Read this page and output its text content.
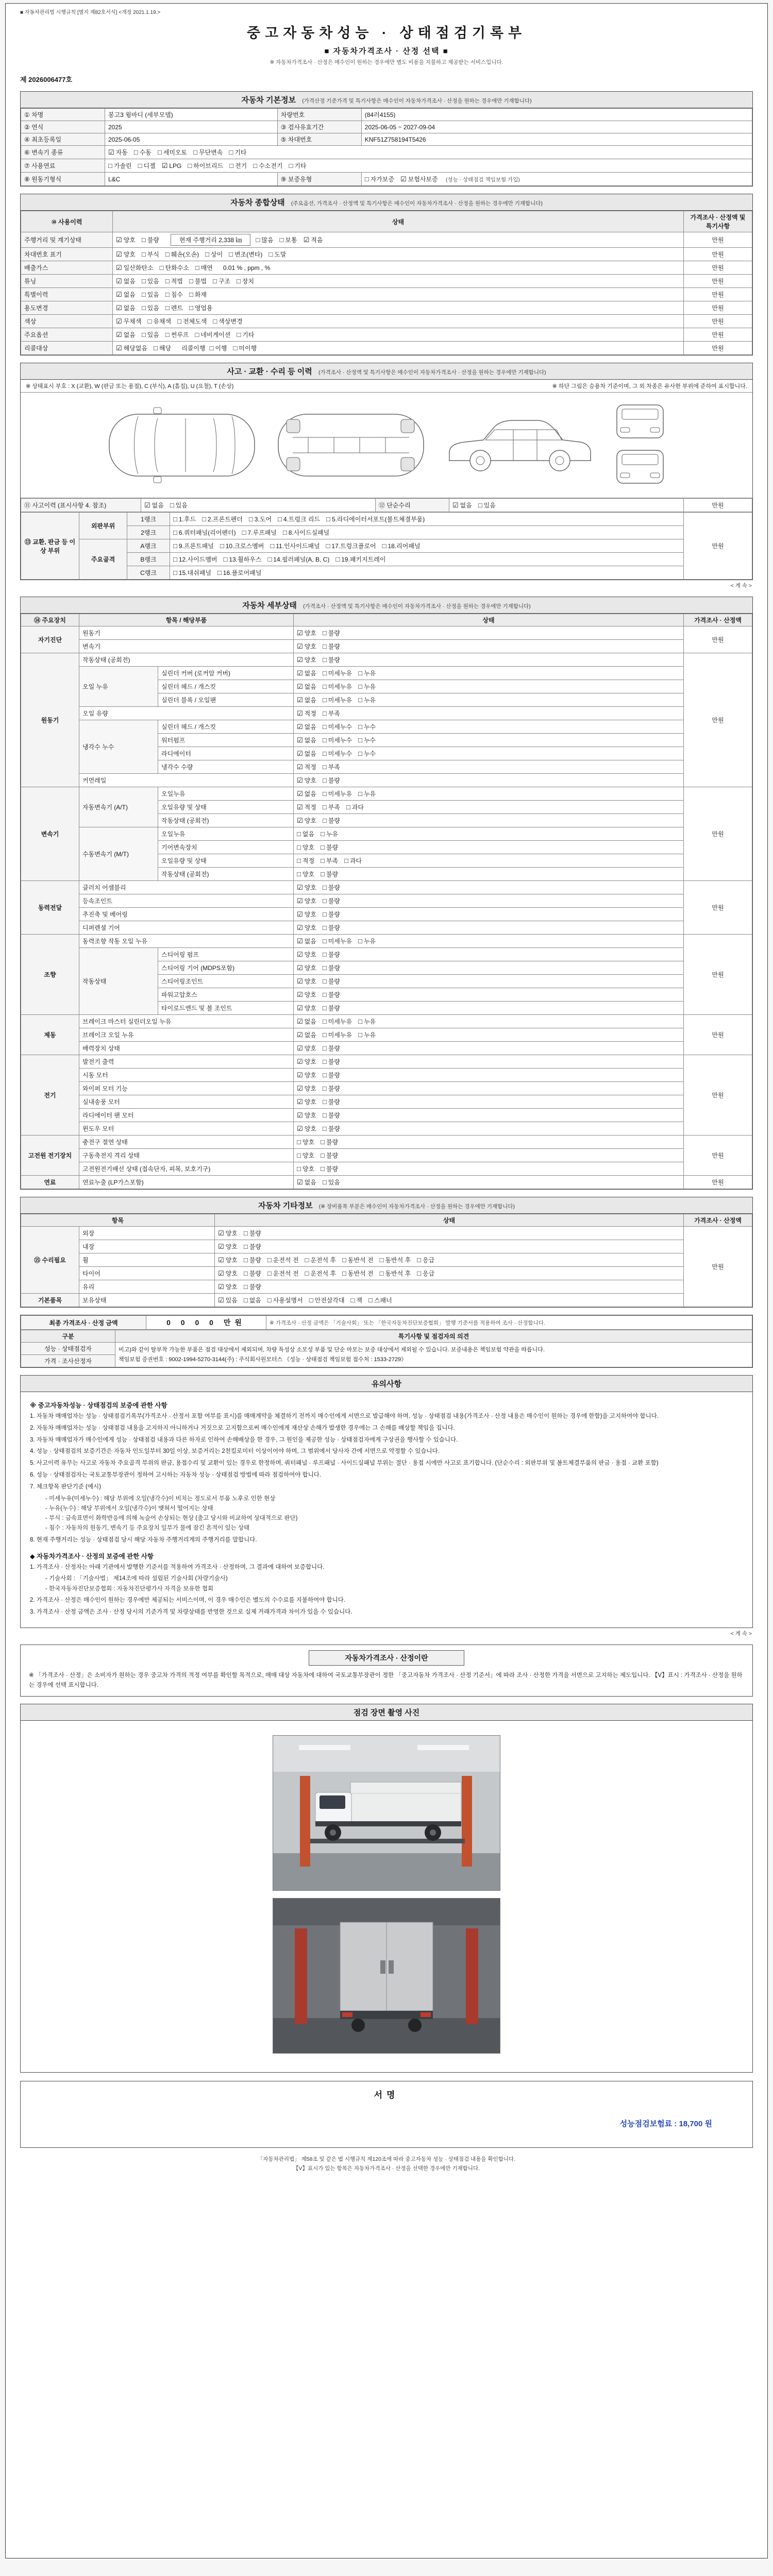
■ 자동차관리법 시행규칙 [별지 제82호서식] <개정 2021.1.19.>
중고자동차성능 · 상태점검기록부
■ 자동차가격조사 · 산정 선택 ■
※ 자동차가격조사 · 산정은 매수인이 원하는 경우에만 별도 비용을 지불하고 제공받는 서비스입니다.
제 2026006477호
자동차 기본정보 (가격산정 기준가격 및 특기사항은 매수인이 자동차가격조사 · 산정을 원하는 경우에만 기재합니다)
① 차명	봉고3 윙바디 (세부모델)	차량번호	(84러4155)
② 연식	2025	③ 검사유효기간	2025-06-05 ~ 2027-09-04
④ 최초등록일	2025-06-05	⑤ 차대번호	KNF51Z758194T5426
⑥ 변속기 종류	☑ 자동 □ 수동 □ 세미오토 □ 무단변속 □ 기타		
⑦ 사용연료	□ 가솔린 □ 디젤 ☑ LPG □ 하이브리드 □ 전기 □ 수소전기 □ 기타		
⑧ 원동기형식	L&C	⑨ 보증유형	□ 자가보증 ☑ 보험사보증 (성능 · 상태점검 책임보험 가입)
자동차 종합상태 (주요옵션, 가격조사 · 산정액 및 특기사항은 매수인이 자동차가격조사 · 산정을 원하는 경우에만 기재합니다)
⑩ 사용이력	상태	가격조사 · 산정액 및 특기사항
주행거리 및 계기상태	☑ 양호 □ 불량 현재 주행거리 2,338 ㎞ □ 많음 □ 보통 ☑ 적음	만원
차대번호 표기	☑ 양호 □ 부식 □ 훼손(오손) □ 상이 □ 변조(변타) □ 도말	만원
배출가스	☑ 일산화탄소 □ 탄화수소 □ 매연 0.01 % , ppm , %	만원
튜닝	☑ 없음 □ 있음 □ 적법 □ 불법 □ 구조 □ 장치	만원
특별이력	☑ 없음 □ 있음 □ 침수 □ 화재	만원
용도변경	☑ 없음 □ 있음 □ 렌트 □ 영업용	만원
색상	☑ 무채색 □ 유채색 □ 전체도색 □ 색상변경	만원
주요옵션	☑ 없음 □ 있음 □ 썬루프 □ 네비게이션 □ 기타	만원
리콜대상	☑ 해당없음 □ 해당 리콜이행 □ 이행 □ 미이행	만원
사고 · 교환 · 수리 등 이력 (가격조사 · 산정액 및 특기사항은 매수인이 자동차가격조사 · 산정을 원하는 경우에만 기재합니다)
※ 상태표시 부호 : X (교환), W (판금 또는 용접), C (부식), A (흠집), U (요철), T (손상)	※ 하단 그림은 승용차 기준이며, 그 외 차종은 유사한 부위에 준하여 표시합니다.
⑪ 사고이력 (표시사항 4. 참조)	☑ 없음 □ 있음	⑫ 단순수리	☑ 없음 □ 있음	만원
⑬ 교환, 판금 등 이상 부위	외판부위	1랭크	□ 1.후드 □ 2.프론트펜더 □ 3.도어 □ 4.트렁크 리드 □ 5.라디에이터서포트(볼트체결부품)	만원
		2랭크	□ 6.쿼터패널(리어펜더) □ 7.루프패널 □ 8.사이드실패널	
	주요골격	A랭크	□ 9.프론트패널 □ 10.크로스멤버 □ 11.인사이드패널 □ 17.트렁크플로어 □ 18.리어패널	
		B랭크	□ 12.사이드멤버 □ 13.휠하우스 □ 14.필러패널(A, B, C) □ 19.패키지트레이	
		C랭크	□ 15.대쉬패널 □ 16.플로어패널	
< 계 속 >
자동차 세부상태 (가격조사 · 산정액 및 특기사항은 매수인이 자동차가격조사 · 산정을 원하는 경우에만 기재합니다)
⑭ 주요장치	항목 / 해당부품		상태	가격조사 · 산정액
자기진단	원동기		☑ 양호 □ 불량	만원
	변속기		☑ 양호 □ 불량	
원동기	작동상태 (공회전)		☑ 양호 □ 불량	만원
	오일 누유	실린더 커버 (로커암 커버)	☑ 없음 □ 미세누유 □ 누유	
		실린더 헤드 / 개스킷	☑ 없음 □ 미세누유 □ 누유	
		실린더 블록 / 오일팬	☑ 없음 □ 미세누유 □ 누유	
	오일 유량		☑ 적정 □ 부족	
	냉각수 누수	실린더 헤드 / 개스킷	☑ 없음 □ 미세누수 □ 누수	
		워터펌프	☑ 없음 □ 미세누수 □ 누수	
		라디에이터	☑ 없음 □ 미세누수 □ 누수	
		냉각수 수량	☑ 적정 □ 부족	
	커먼레일		☑ 양호 □ 불량	
변속기	자동변속기 (A/T)	오일누유	☑ 없음 □ 미세누유 □ 누유	만원
		오일유량 및 상태	☑ 적정 □ 부족 □ 과다	
		작동상태 (공회전)	☑ 양호 □ 불량	
	수동변속기 (M/T)	오일누유	□ 없음 □ 누유	
		기어변속장치	□ 양호 □ 불량	
		오일유량 및 상태	□ 적정 □ 부족 □ 과다	
		작동상태 (공회전)	□ 양호 □ 불량	
동력전달	클러치 어셈블리		☑ 양호 □ 불량	만원
	등속조인트		☑ 양호 □ 불량	
	추진축 및 베어링		☑ 양호 □ 불량	
	디퍼렌셜 기어		☑ 양호 □ 불량	
조향	동력조향 작동 오일 누유		☑ 없음 □ 미세누유 □ 누유	만원
	작동상태	스티어링 펌프	☑ 양호 □ 불량	
		스티어링 기어 (MDPS포함)	☑ 양호 □ 불량	
		스티어링조인트	☑ 양호 □ 불량	
		파워고압호스	☑ 양호 □ 불량	
		타이로드엔드 및 볼 조인트	☑ 양호 □ 불량	
제동	브레이크 마스터 실린더오일 누유		☑ 없음 □ 미세누유 □ 누유	만원
	브레이크 오일 누유		☑ 없음 □ 미세누유 □ 누유	
	배력장치 상태		☑ 양호 □ 불량	
전기	발전기 출력		☑ 양호 □ 불량	만원
	시동 모터		☑ 양호 □ 불량	
	와이퍼 모터 기능		☑ 양호 □ 불량	
	실내송풍 모터		☑ 양호 □ 불량	
	라디에이터 팬 모터		☑ 양호 □ 불량	
	윈도우 모터		☑ 양호 □ 불량	
고전원 전기장치	충전구 절연 상태		□ 양호 □ 불량	만원
	구동축전지 격리 상태		□ 양호 □ 불량	
	고전원전기배선 상태 (접속단자, 피복, 보호기구)		□ 양호 □ 불량	
연료	연료누출 (LP가스포함)		☑ 없음 □ 있음	만원
자동차 기타정보 (※ 장비품목 부분은 매수인이 자동차가격조사 · 산정을 원하는 경우에만 기재합니다)
항목		상태	가격조사 · 산정액
⑮ 수리필요	외장	☑ 양호 □ 불량	만원
	내장	☑ 양호 □ 불량	
	휠	☑ 양호 □ 불량 □ 운전석 전 □ 운전석 후 □ 동반석 전 □ 동반석 후 □ 응급	
	타이어	☑ 양호 □ 불량 □ 운전석 전 □ 운전석 후 □ 동반석 전 □ 동반석 후 □ 응급	
	유리	☑ 양호 □ 불량	
기본품목	보유상태	☑ 있음 □ 없음 □ 사용설명서 □ 안전삼각대 □ 잭 □ 스패너	
최종 가격조사 · 산정 금액	0 0 0 0 만원	※ 가격조사 · 산정 금액은 「기술사회」 또는 「한국자동차진단보증협회」 발행 기준서를 적용하여 조사 · 산정합니다.
구분	특기사항 및 점검자의 의견
성능 · 상태점검자	비고)와 같이 탈부착 가능한 부품은 점검 대상에서 제외되며, 차량 특성상 소모성 부품 및 단순 마모는 보증 대상에서 제외될 수 있습니다. 보증내용은 책임보험 약관을 따릅니다.
책임보험 증권번호 : 9002-1994-5270-3144(주) : 주식회사원모터스 《성능 · 상태점검 책임보험 접수처 : 1533-2729》

가격 · 조사산정자	
유의사항
※ 중고자동차성능 · 상태점검의 보증에 관한 사항
1. 자동차 매매업자는 성능 · 상태점검기록부(가격조사 · 산정서 포함 여부를 표시)를 매매계약을 체결하기 전까지 매수인에게 서면으로 발급해야 하며, 성능 · 상태점검 내용(가격조사 · 산정 내용은 매수인이 원하는 경우에 한함)을 고지하여야 합니다.
2. 자동차 매매업자는 성능 · 상태점검 내용을 고지하지 아니하거나 거짓으로 고지함으로써 매수인에게 재산상 손해가 발생한 경우에는 그 손해를 배상할 책임을 집니다.
3. 자동차 매매업자가 매수인에게 성능 · 상태점검 내용과 다른 하자로 인하여 손해배상을 한 경우, 그 원인을 제공한 성능 · 상태점검자에게 구상권을 행사할 수 있습니다.
4. 성능 · 상태점검의 보증기간은 자동차 인도일부터 30일 이상, 보증거리는 2천킬로미터 이상이어야 하며, 그 범위에서 당사자 간에 서면으로 약정할 수 있습니다.
5. 사고이력 유무는 사고로 자동차 주요골격 부위의 판금, 용접수리 및 교환이 있는 경우로 한정하며, 쿼터패널 · 루프패널 · 사이드실패널 부위는 절단 · 용접 시에만 사고로 표기합니다. (단순수리 : 외판부위 및 볼트체결부품의 판금 · 용접 · 교환 포함)
6. 성능 · 상태점검자는 국토교통부장관이 정하여 고시하는 자동차 성능 · 상태점검 방법에 따라 점검하여야 합니다.
7. 체크항목 판단기준 (예시)
- 미세누유(미세누수) : 해당 부위에 오일(냉각수)이 비치는 정도로서 부품 노후로 인한 현상
- 누유(누수) : 해당 부위에서 오일(냉각수)이 맺혀서 떨어지는 상태
- 부식 : 금속표면이 화학반응에 의해 녹슬어 손상되는 현상 (출고 당시와 비교하여 상대적으로 판단)
- 침수 : 자동차의 원동기, 변속기 등 주요장치 일부가 물에 잠긴 흔적이 있는 상태
8. 현재 주행거리는 성능 · 상태점검 당시 해당 자동차 주행거리계의 주행거리를 말합니다.
◆ 자동차가격조사 · 산정의 보증에 관한 사항
1. 가격조사 · 산정자는 아래 기관에서 발행한 기준서를 적용하여 가격조사 · 산정하며, 그 결과에 대하여 보증합니다.
- 기술사회 : 「기술사법」 제14조에 따라 설립된 기술사회 (차량기술사)
- 한국자동차진단보증협회 : 자동차진단평가사 자격을 보유한 협회
2. 가격조사 · 산정은 매수인이 원하는 경우에만 제공되는 서비스이며, 이 경우 매수인은 별도의 수수료를 지불하여야 합니다.
3. 가격조사 · 산정 금액은 조사 · 산정 당시의 기준가격 및 차량상태를 반영한 것으로 실제 거래가격과 차이가 있을 수 있습니다.
< 계 속 >
자동차가격조사 · 산정이란
※ 「가격조사 · 산정」은 소비자가 원하는 경우 중고차 가격의 적정 여부를 확인할 목적으로, 매매 대상 자동차에 대하여 국토교통부장관이 정한 「중고자동차 가격조사 · 산정 기준서」에 따라 조사 · 산정한 가격을 서면으로 고지하는 제도입니다. 【V】표시 : 가격조사 · 산정을 원하는 경우에 선택 표시합니다.
점검 장면 촬영 사진
서명
성능점검보험료 : 18,700 원
「자동차관리법」 제58조 및 같은 법 시행규칙 제120조에 따라 중고자동차 성능 · 상태점검 내용을 확인합니다.
【V】표시가 있는 항목은 자동차가격조사 · 산정을 선택한 경우에만 기재합니다.
